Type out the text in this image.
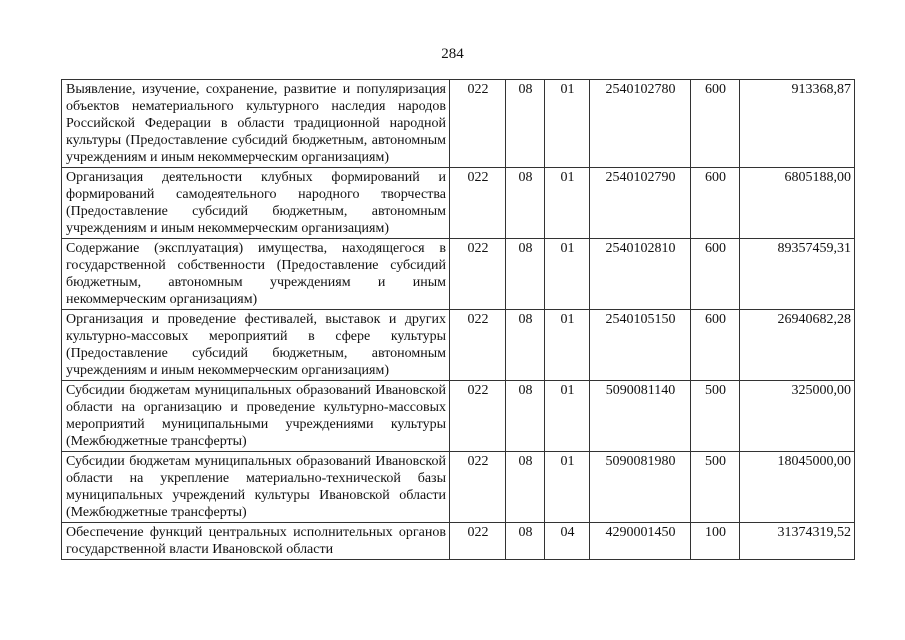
284
Выявление, изучение, сохранение, развитие и популяризация объектов нематериального культурного наследия народов Российской Федерации в области традиционной народной культуры (Предоставление субсидий бюджетным, автономным учреждениям и иным некоммерческим организациям)	022	08	01	2540102780	600	913368,87
Организация деятельности клубных формирований и формирований самодеятельного народного творчества (Предоставление субсидий бюджетным, автономным учреждениям и иным некоммерческим организациям)	022	08	01	2540102790	600	6805188,00
Содержание (эксплуатация) имущества, находящегося в государственной собственности (Предоставление субсидий бюджетным, автономным учреждениям и иным некоммерческим организациям)	022	08	01	2540102810	600	89357459,31
Организация и проведение фестивалей, выставок и других культурно-массовых мероприятий в сфере культуры (Предоставление субсидий бюджетным, автономным учреждениям и иным некоммерческим организациям)	022	08	01	2540105150	600	26940682,28
Субсидии бюджетам муниципальных образований Ивановской области на организацию и проведение культурно-массовых мероприятий муниципальными учреждениями культуры (Межбюджетные трансферты)	022	08	01	5090081140	500	325000,00
Субсидии бюджетам муниципальных образований Ивановской области на укрепление материально-технической базы муниципальных учреждений культуры Ивановской области (Межбюджетные трансферты)	022	08	01	5090081980	500	18045000,00
Обеспечение функций центральных исполнительных органов государственной власти Ивановской области	022	08	04	4290001450	100	31374319,52
